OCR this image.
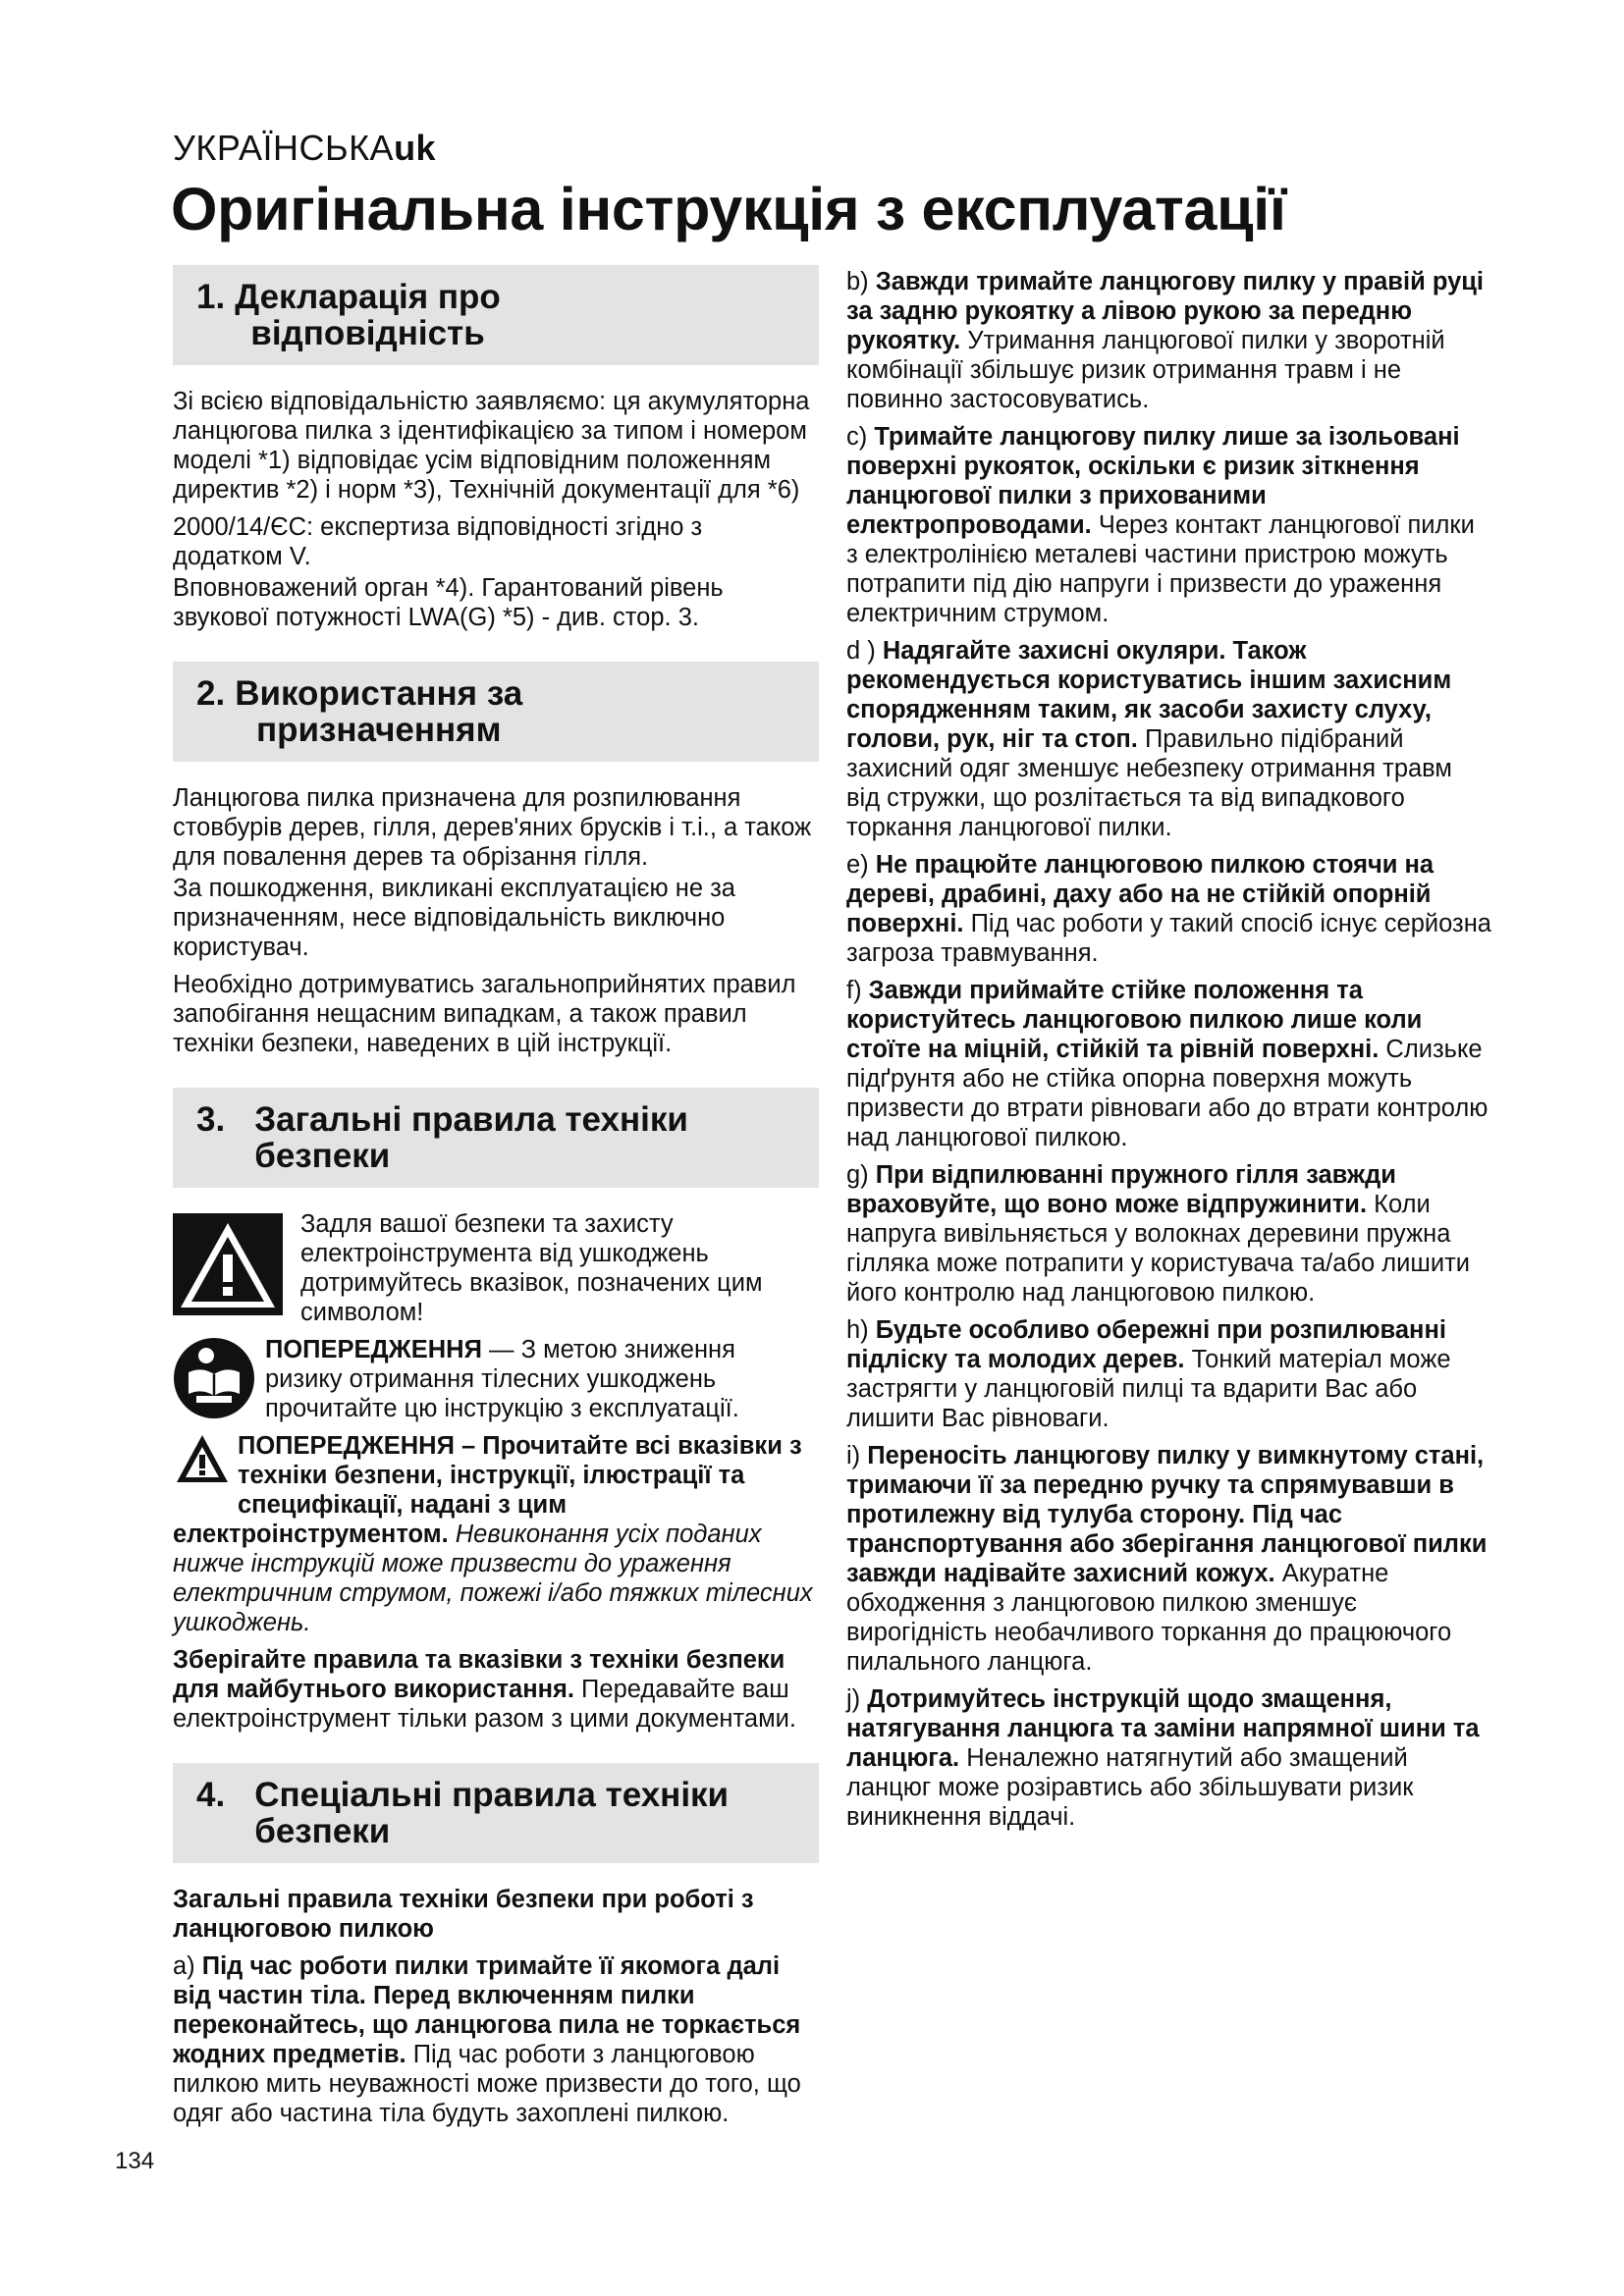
УКРАЇНСЬКАuk
Оригінальна інструкція з експлуатації
1. Декларація про
відповідність

Зі всією відповідальністю заявляємо: ця акумуляторна ланцюгова пилка з ідентифікацією за типом і номером моделі *1) відповідає усім відповідним положенням директив *2) і норм *3), Технічній документації для *6)

2000/14/ЄС: експертиза відповідності згідно з додатком V.

Вповноважений орган *4). Гарантований рівень звукової потужності LWA(G) *5) - див. стор. 3.

2. Використання за
призначенням

Ланцюгова пилка призначена для розпилювання стовбурів дерев, гілля, дерев'яних брусків і т.і., а також для повалення дерев та обрізання гілля.

За пошкодження, викликані експлуатацією не за призначенням, несе відповідальність виключно користувач.

Необхідно дотримуватись загальноприйнятих правил запобігання нещасним випадкам, а також правил техніки безпеки, наведених в цій інструкції.

3. Загальні правила техніки
безпеки
Задля вашої безпеки та захисту електроінструмента від ушкоджень дотримуйтесь вказівок, позначених цим символом!
ПОПЕРЕДЖЕННЯ — З метою зниження ризику отримання тілесних ушкоджень прочитайте цю інструкцію з експлуатації.

ПОПЕРЕДЖЕННЯ – Прочитайте всі вказівки з техніки безпени, інструкції, ілюстрації та специфікації, надані з цим електроінструментом. Невиконання усіх поданих нижче інструкцій може призвести до ураження електричним струмом, пожежі і/або тяжких тілесних ушкоджень.

Зберігайте правила та вказівки з техніки безпеки для майбутнього використання. Передавайте ваш електроінструмент тільки разом з цими документами.

4. Спеціальні правила техніки
безпеки

Загальні правила техніки безпеки при роботі з ланцюговою пилкою

a) Під час роботи пилки тримайте її якомога далі від частин тіла. Перед включенням пилки переконайтесь, що ланцюгова пила не торкається жодних предметів. Під час роботи з ланцюговою пилкою мить неуважності може призвести до того, що одяг або частина тіла будуть захоплені пилкою.

b) Завжди тримайте ланцюгову пилку у правій руці за задню рукоятку а лівою рукою за передню рукоятку. Утримання ланцюгової пилки у зворотній комбінації збільшує ризик отримання травм і не повинно застосовуватись.

c) Тримайте ланцюгову пилку лише за ізольовані поверхні рукояток, оскільки є ризик зіткнення ланцюгової пилки з прихованими електропроводами. Через контакт ланцюгової пилки з електролінією металеві частини пристрою можуть потрапити під дію напруги і призвести до ураження електричним струмом.

d ) Надягайте захисні окуляри. Також рекомендується користуватись іншим захисним спорядженням таким, як засоби захисту слуху, голови, рук, ніг та стоп. Правильно підібраний захисний одяг зменшує небезпеку отримання травм від стружки, що розлітається та від випадкового торкання ланцюгової пилки.

e) Не працюйте ланцюговою пилкою стоячи на дереві, драбині, даху або на не стійкій опорній поверхні. Під час роботи у такий спосіб існує серйозна загроза травмування.

f) Завжди приймайте стійке положення та користуйтесь ланцюговою пилкою лише коли стоїте на міцній, стійкій та рівній поверхні. Слизьке підґрунтя або не стійка опорна поверхня можуть призвести до втрати рівноваги або до втрати контролю над ланцюгової пилкою.

g) При відпилюванні пружного гілля завжди враховуйте, що воно може відпружинити. Коли напруга вивільняється у волокнах деревини пружна гілляка може потрапити у користувача та/або лишити його контролю над ланцюговою пилкою.

h) Будьте особливо обережні при розпилюванні підліску та молодих дерев. Тонкий матеріал може застрягти у ланцюговій пилці та вдарити Вас або лишити Вас рівноваги.

i) Переносіть ланцюгову пилку у вимкнутому стані, тримаючи її за передню ручку та спрямувавши в протилежну від тулуба сторону. Під час транспортування або зберігання ланцюгової пилки завжди надівайте захисний кожух. Акуратне обходження з ланцюговою пилкою зменшує вирогідність необачливого торкання до працюючого пилального ланцюга.

j) Дотримуйтесь інструкцій щодо змащення, натягування ланцюга та заміни напрямної шини та ланцюга. Неналежно натягнутий або змащений ланцюг може розіравтись або збільшувати ризик виникнення віддачі.

134
